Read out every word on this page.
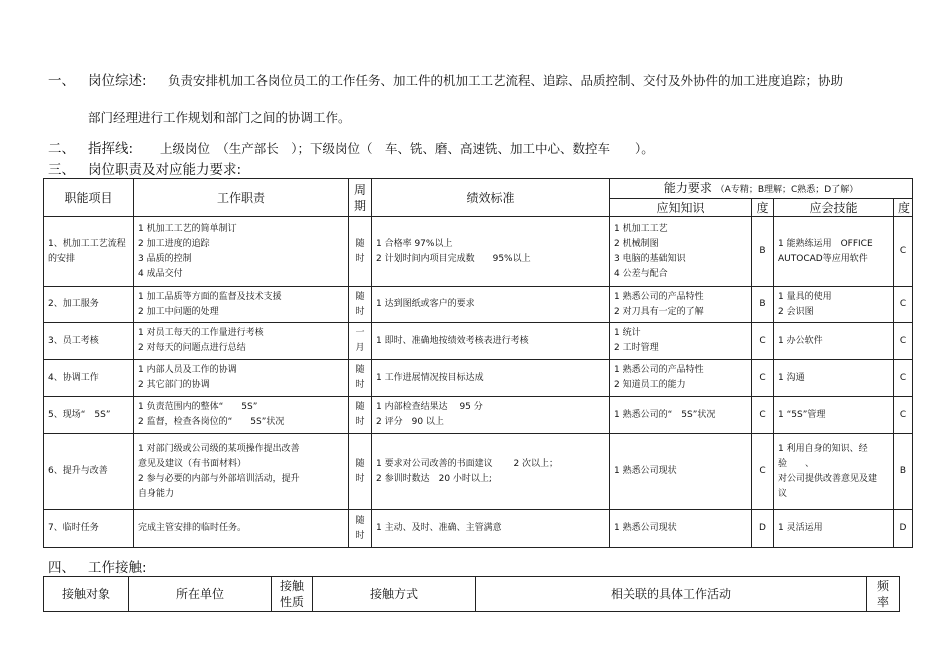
一、 岗位综述: 负责安排机加工各岗位员工的工作任务、加工件的机加工工艺流程、追踪、品质控制、交付及外协件的加工进度追踪；协助
部门经理进行工作规划和部门之间的协调工作。
二、 指挥线: 上级岗位　（生产部长　）；下级岗位（　车、铣、磨、高速铣、加工中心、数控车　　）。
三、 岗位职责及对应能力要求:
职能项目	工作职责	周
期	绩效标准	能力要求 （A专精；B理解；C熟悉；D了解）			
				应知知识	度	应会技能	度
1、机加工工艺流程的安排	1 机加工工艺的简单制订
2 加工进度的追踪
3 品质的控制
4 成品交付	随
时	1 合格率 97%以上
2 计划时间内项目完成数　　95%以上	1 机加工工艺
2 机械制图
3 电脑的基础知识
4 公差与配合	B	1 能熟练运用　OFFICE
AUTOCAD等应用软件	C
2、加工服务	1 加工品质等方面的监督及技术支援
2 加工中问题的处理	随
时	1 达到图纸或客户的要求	1 熟悉公司的产品特性
2 对刀具有一定的了解	B	1 量具的使用
2 会识图	C
3、员工考核	1 对员工每天的工作量进行考核
2 对每天的问题点进行总结	一
月	1 即时、准确地按绩效考核表进行考核	1 统计
2 工时管理	C	1 办公软件	C
4、协调工作	1 内部人员及工作的协调
2 其它部门的协调	随
时	1 工作进展情况按目标达成	1 熟悉公司的产品特性
2 知道员工的能力	C	1 沟通	C
5、现场“　5S”	1 负责范围内的整体“　　5S”
2 监督，检查各岗位的“　　5S”状况	随
时	1 内部检查结果达　 95 分
2 评分　90 以上	1 熟悉公司的“　5S”状况	C	1 “5S”管理	C
6、提升与改善	1 对部门级或公司级的某项操作提出改善
意见及建议（有书面材料）
2 参与必要的内部与外部培训活动，提升
自身能力	随
时	1 要求对公司改善的书面建议　　 2 次以上；
2 参训时数达　20 小时以上;	1 熟悉公司现状	C	1 利用自身的知识、经验　　、
对公司提供改善意见及建
议	B
7、临时任务	完成主管安排的临时任务。	随
时	1 主动、及时、准确、主管满意	1 熟悉公司现状	D	1 灵活运用	D
四、 工作接触:
接触对象	所在单位	
接触
性质
	接触方式	相关联的具体工作活动	
频
率
